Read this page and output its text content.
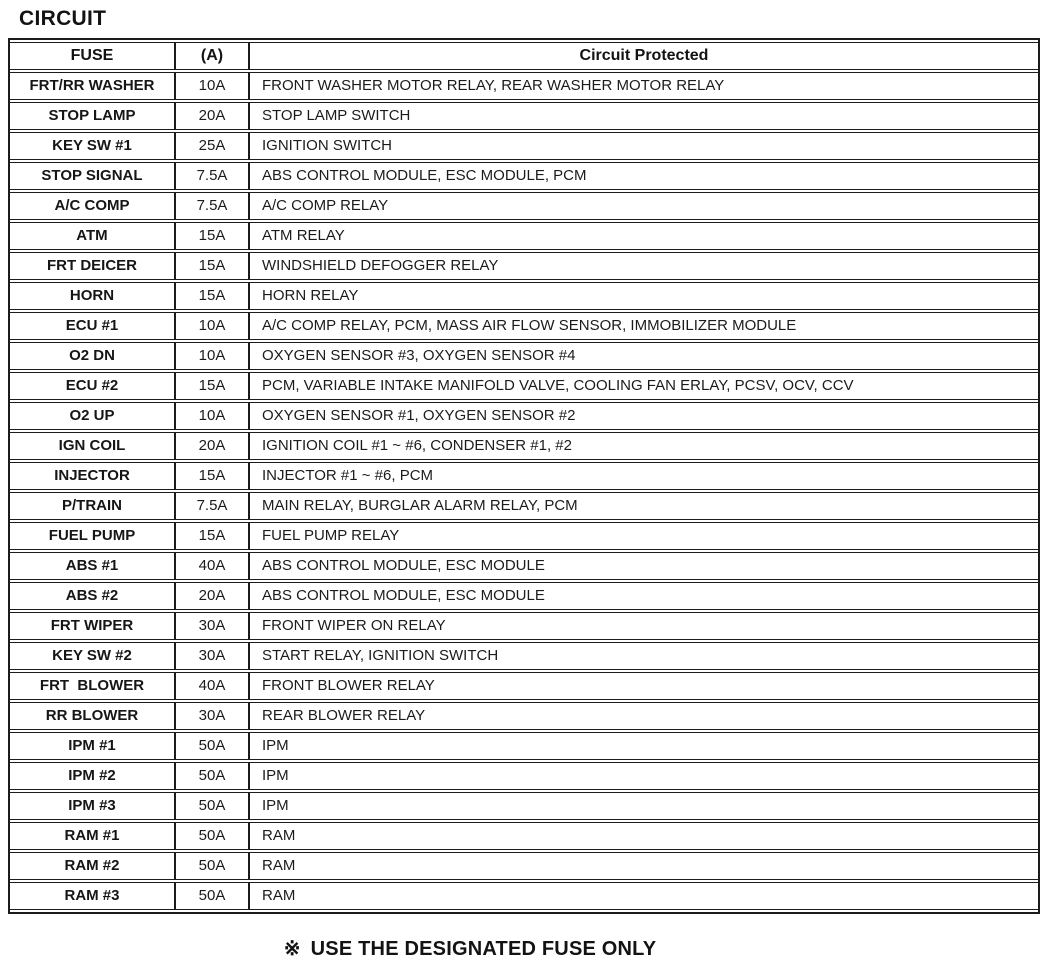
CIRCUIT
FUSE	(A)	Circuit Protected
FRT/RR WASHER	10A	FRONT WASHER MOTOR RELAY, REAR WASHER MOTOR RELAY
STOP LAMP	20A	STOP LAMP SWITCH
KEY SW #1	25A	IGNITION SWITCH
STOP SIGNAL	7.5A	ABS CONTROL MODULE, ESC MODULE, PCM
A/C COMP	7.5A	A/C COMP RELAY
ATM	15A	ATM RELAY
FRT DEICER	15A	WINDSHIELD DEFOGGER RELAY
HORN	15A	HORN RELAY
ECU #1	10A	A/C COMP RELAY, PCM, MASS AIR FLOW SENSOR, IMMOBILIZER MODULE
O2 DN	10A	OXYGEN SENSOR #3, OXYGEN SENSOR #4
ECU #2	15A	PCM, VARIABLE INTAKE MANIFOLD VALVE, COOLING FAN ERLAY, PCSV, OCV, CCV
O2 UP	10A	OXYGEN SENSOR #1, OXYGEN SENSOR #2
IGN COIL	20A	IGNITION COIL #1 ~ #6, CONDENSER #1, #2
INJECTOR	15A	INJECTOR #1 ~ #6, PCM
P/TRAIN	7.5A	MAIN RELAY, BURGLAR ALARM RELAY, PCM
FUEL PUMP	15A	FUEL PUMP RELAY
ABS #1	40A	ABS CONTROL MODULE, ESC MODULE
ABS #2	20A	ABS CONTROL MODULE, ESC MODULE
FRT WIPER	30A	FRONT WIPER ON RELAY
KEY SW #2	30A	START RELAY, IGNITION SWITCH
FRT  BLOWER	40A	FRONT BLOWER RELAY
RR BLOWER	30A	REAR BLOWER RELAY
IPM #1	50A	IPM
IPM #2	50A	IPM
IPM #3	50A	IPM
RAM #1	50A	RAM
RAM #2	50A	RAM
RAM #3	50A	RAM
※ USE THE DESIGNATED FUSE ONLY
